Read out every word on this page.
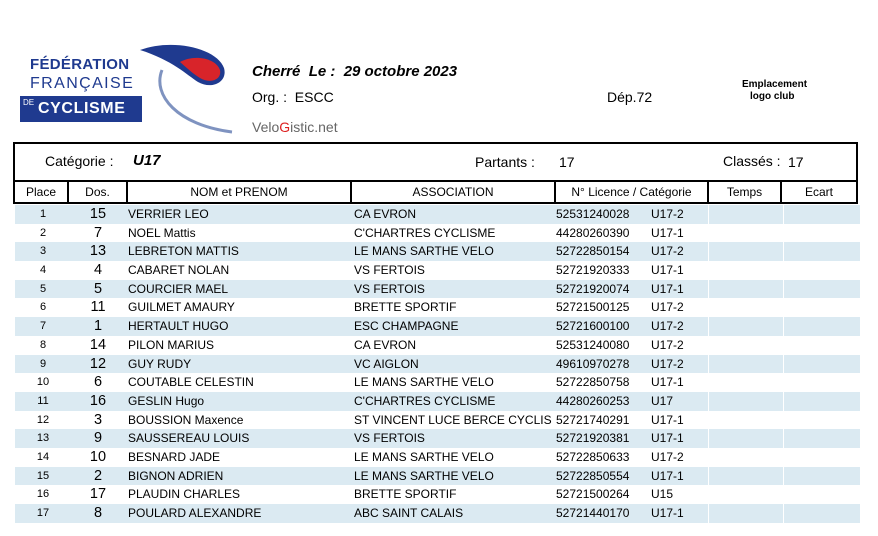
FÉDÉRATION
FRANÇAISE
DE CYCLISME
Cherré  Le :  29 octobre 2023
Org. :  ESCC	Dép.72
VeloGistic.net
Emplacement
logo club
Catégorie : U17	Partants : 17	Classés : 17
Place	Dos.	NOM et PRENOM	ASSOCIATION	N° Licence / Catégorie	Temps	Ecart
1	15 VERRIER LEO	CA EVRON	52531240028 U17-2
2	7	NOEL Mattis	C'CHARTRES CYCLISME	44280260390 U17-1
3	13 LEBRETON MATTIS	LE MANS SARTHE VELO	52722850154 U17-2
4	4	CABARET NOLAN	VS FERTOIS	52721920333 U17-1
5	5	COURCIER MAEL	VS FERTOIS	52721920074 U17-1
6	11 GUILMET AMAURY	BRETTE SPORTIF	52721500125 U17-2
7	1	HERTAULT HUGO	ESC CHAMPAGNE	52721600100 U17-2
8	14 PILON MARIUS	CA EVRON	52531240080 U17-2
9	12 GUY RUDY	VC AIGLON	49610970278 U17-2
10	6	COUTABLE CELESTIN	LE MANS SARTHE VELO	52722850758 U17-1
11	16 GESLIN Hugo	C'CHARTRES CYCLISME	44280260253 U17
12	3	BOUSSION Maxence	ST VINCENT LUCE BERCE CYCLIS 52721740291 U17-1
13	9	SAUSSEREAU LOUIS	VS FERTOIS	52721920381 U17-1
14	10 BESNARD JADE	LE MANS SARTHE VELO	52722850633 U17-2
15	2	BIGNON ADRIEN	LE MANS SARTHE VELO	52722850554 U17-1
16	17 PLAUDIN CHARLES	BRETTE SPORTIF	52721500264 U15
17	8	POULARD ALEXANDRE	ABC SAINT CALAIS	52721440170 U17-1
